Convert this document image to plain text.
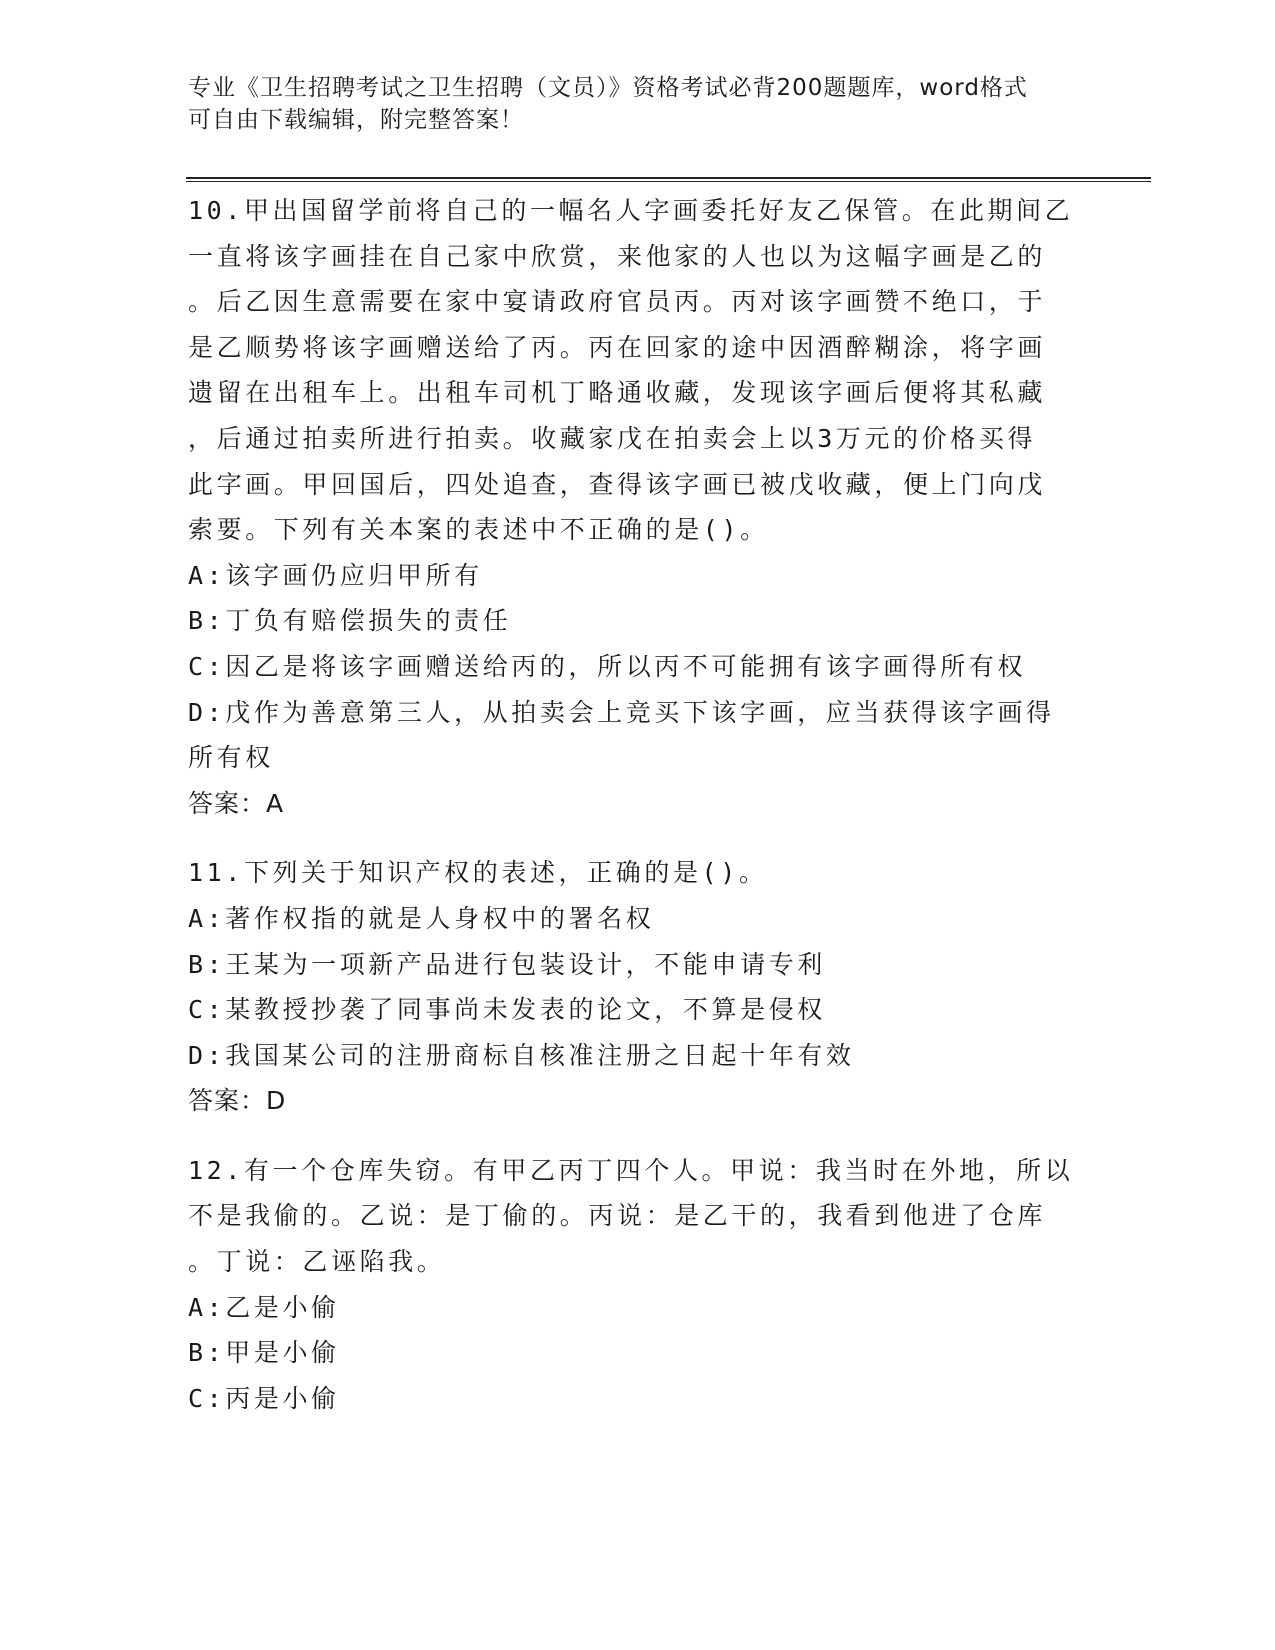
专业《卫生招聘考试之卫生招聘（文员）》资格考试必背200题题库，word格式
可自由下载编辑，附完整答案！

10.甲出国留学前将自己的一幅名人字画委托好友乙保管。在此期间乙

一直将该字画挂在自己家中欣赏，来他家的人也以为这幅字画是乙的

。后乙因生意需要在家中宴请政府官员丙。丙对该字画赞不绝口，于

是乙顺势将该字画赠送给了丙。丙在回家的途中因酒醉糊涂，将字画

遗留在出租车上。出租车司机丁略通收藏，发现该字画后便将其私藏

，后通过拍卖所进行拍卖。收藏家戊在拍卖会上以3万元的价格买得

此字画。甲回国后，四处追查，查得该字画已被戊收藏，便上门向戊

索要。下列有关本案的表述中不正确的是()。

A:该字画仍应归甲所有

B:丁负有赔偿损失的责任

C:因乙是将该字画赠送给丙的，所以丙不可能拥有该字画得所有权

D:戊作为善意第三人，从拍卖会上竞买下该字画，应当获得该字画得

所有权

答案：A

11.下列关于知识产权的表述，正确的是()。

A:著作权指的就是人身权中的署名权

B:王某为一项新产品进行包装设计，不能申请专利

C:某教授抄袭了同事尚未发表的论文，不算是侵权

D:我国某公司的注册商标自核准注册之日起十年有效

答案：D

12.有一个仓库失窃。有甲乙丙丁四个人。甲说：我当时在外地，所以

不是我偷的。乙说：是丁偷的。丙说：是乙干的，我看到他进了仓库

。丁说：乙诬陷我。

A:乙是小偷

B:甲是小偷

C:丙是小偷
